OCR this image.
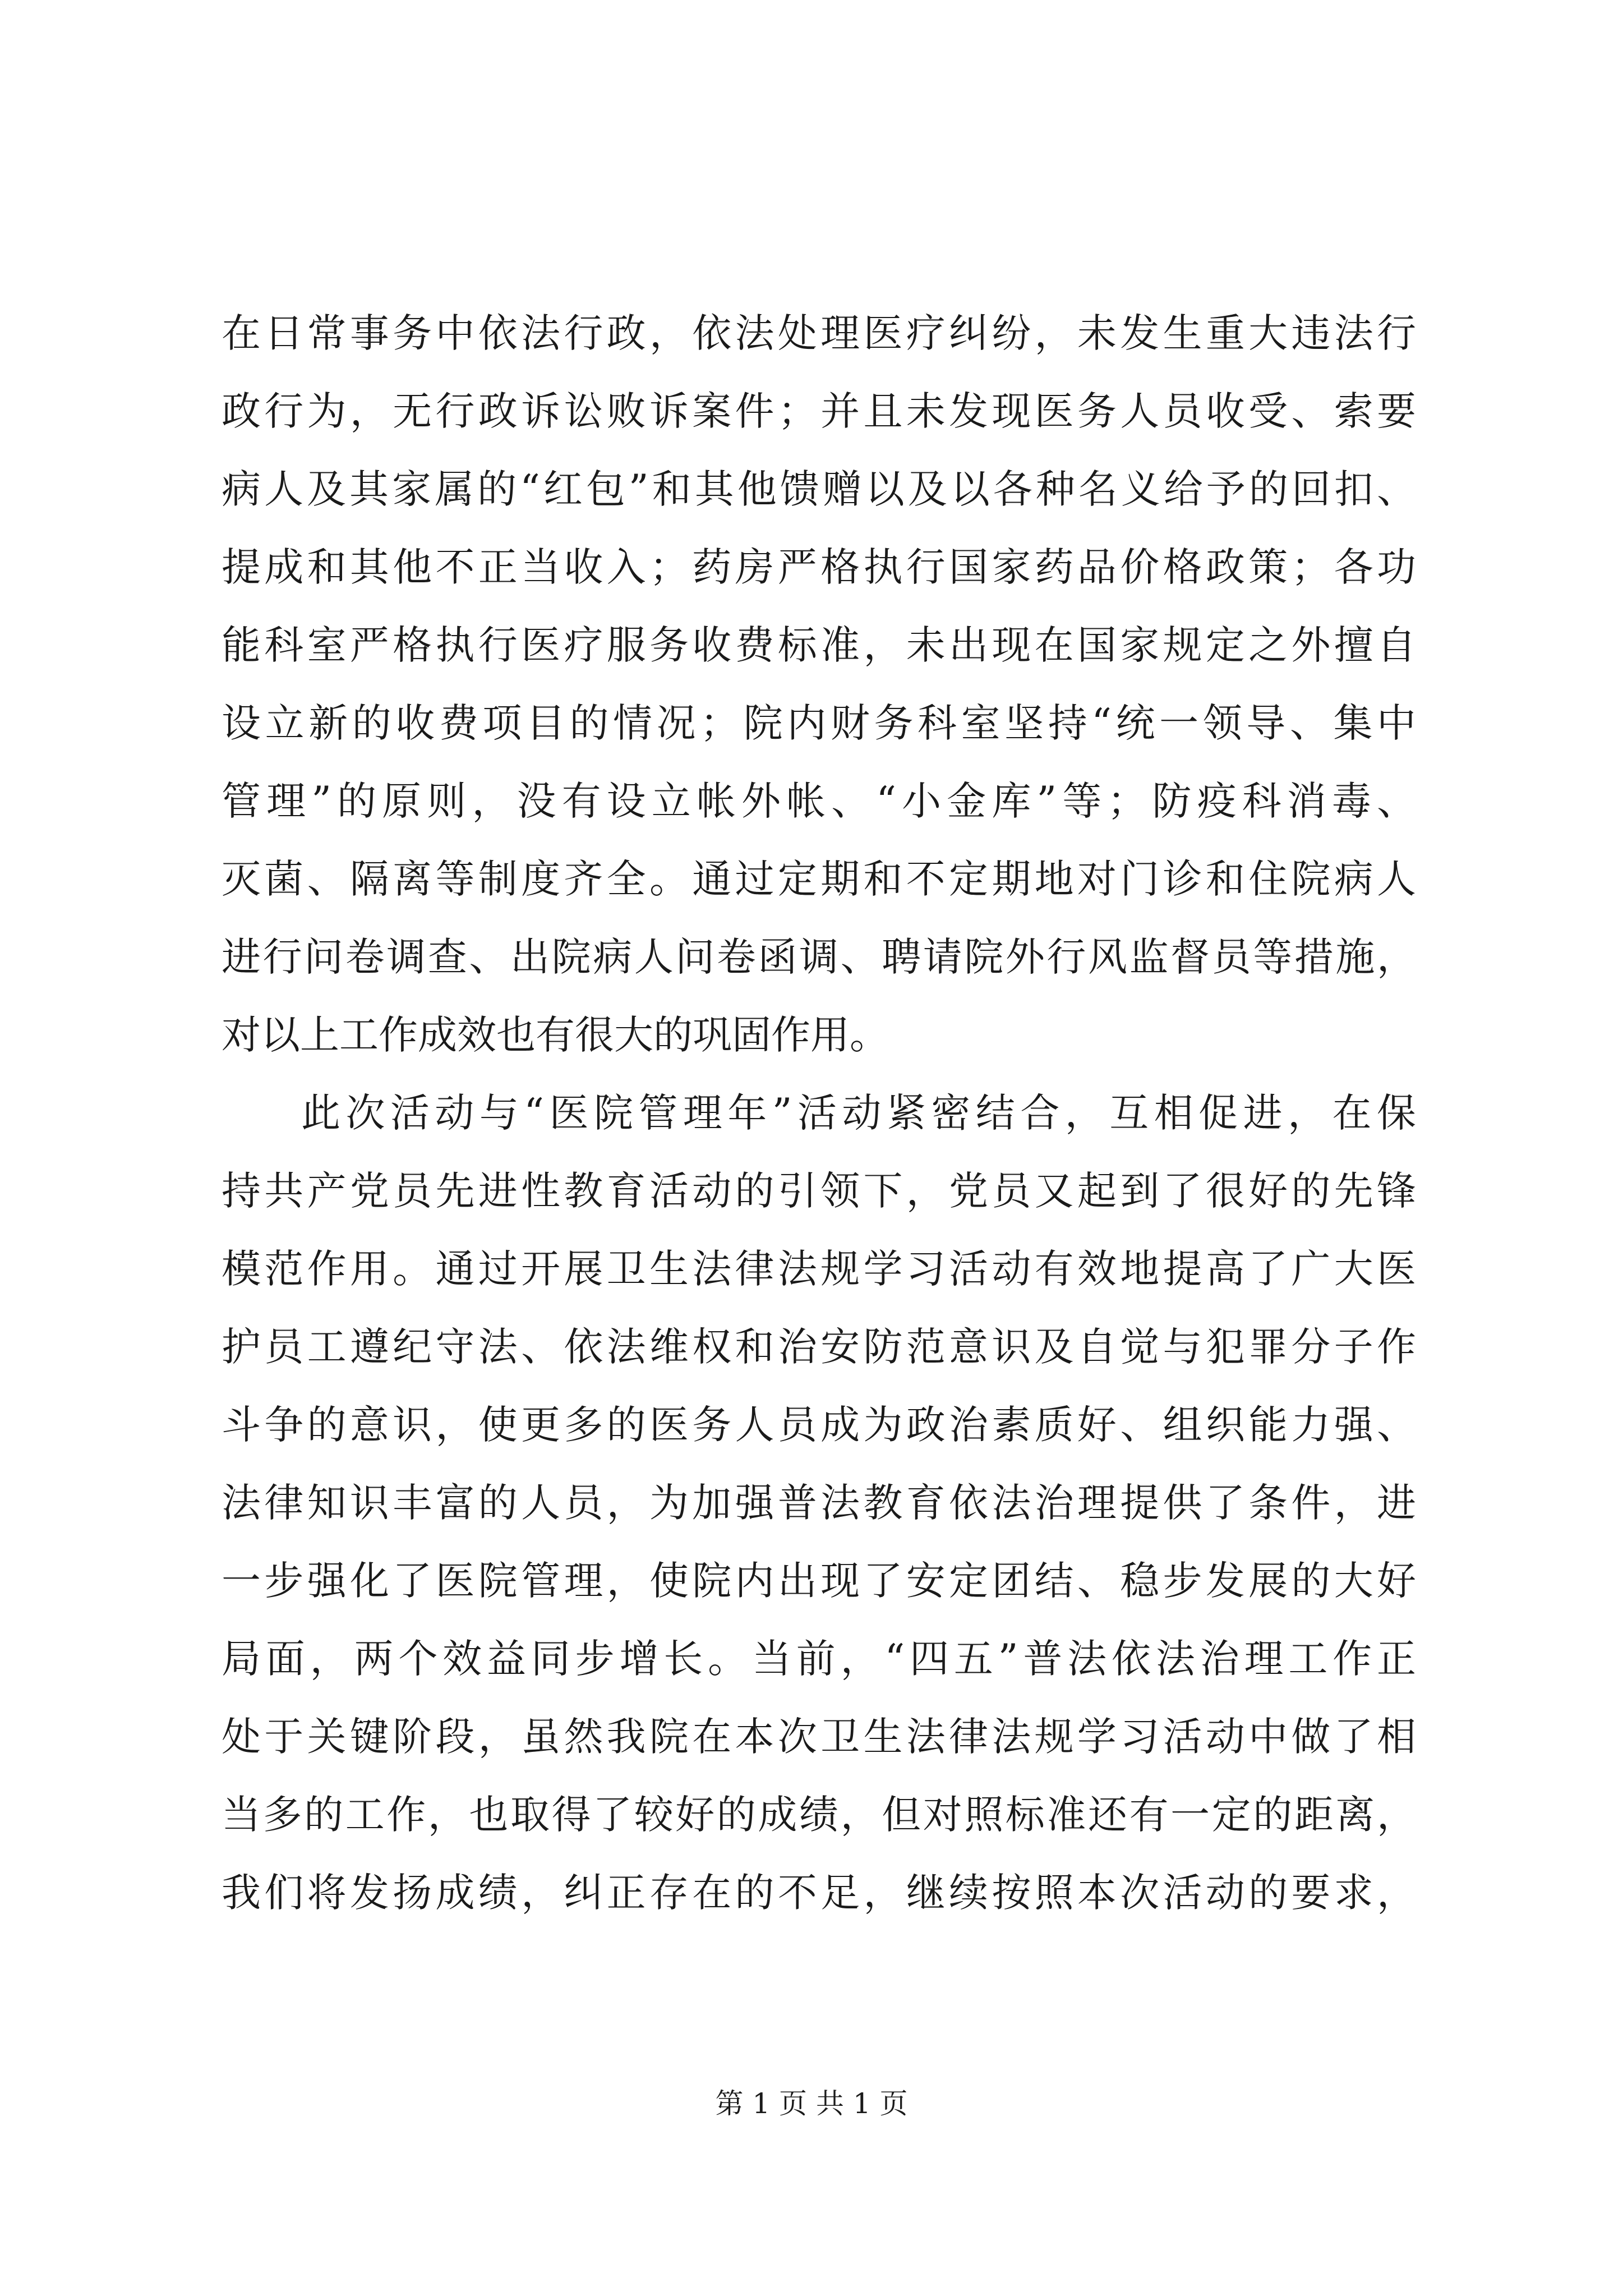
在日常事务中依法行政，依法处理医疗纠纷，未发生重大违法行
政行为，无行政诉讼败诉案件；并且未发现医务人员收受、索要
病人及其家属的“红包”和其他馈赠以及以各种名义给予的回扣、
提成和其他不正当收入；药房严格执行国家药品价格政策；各功
能科室严格执行医疗服务收费标准，未出现在国家规定之外擅自
设立新的收费项目的情况；院内财务科室坚持“统一领导、集中
管理”的原则，没有设立帐外帐、“小金库”等；防疫科消毒、
灭菌、隔离等制度齐全。通过定期和不定期地对门诊和住院病人
进行问卷调查、出院病人问卷函调、聘请院外行风监督员等措施，
对以上工作成效也有很大的巩固作用。
此次活动与“医院管理年”活动紧密结合，互相促进，在保
持共产党员先进性教育活动的引领下，党员又起到了很好的先锋
模范作用。通过开展卫生法律法规学习活动有效地提高了广大医
护员工遵纪守法、依法维权和治安防范意识及自觉与犯罪分子作
斗争的意识，使更多的医务人员成为政治素质好、组织能力强、
法律知识丰富的人员，为加强普法教育依法治理提供了条件，进
一步强化了医院管理，使院内出现了安定团结、稳步发展的大好
局面，两个效益同步增长。当前，“四五”普法依法治理工作正
处于关键阶段，虽然我院在本次卫生法律法规学习活动中做了相
当多的工作，也取得了较好的成绩，但对照标准还有一定的距离，
我们将发扬成绩，纠正存在的不足，继续按照本次活动的要求，
第 1 页 共 1 页
